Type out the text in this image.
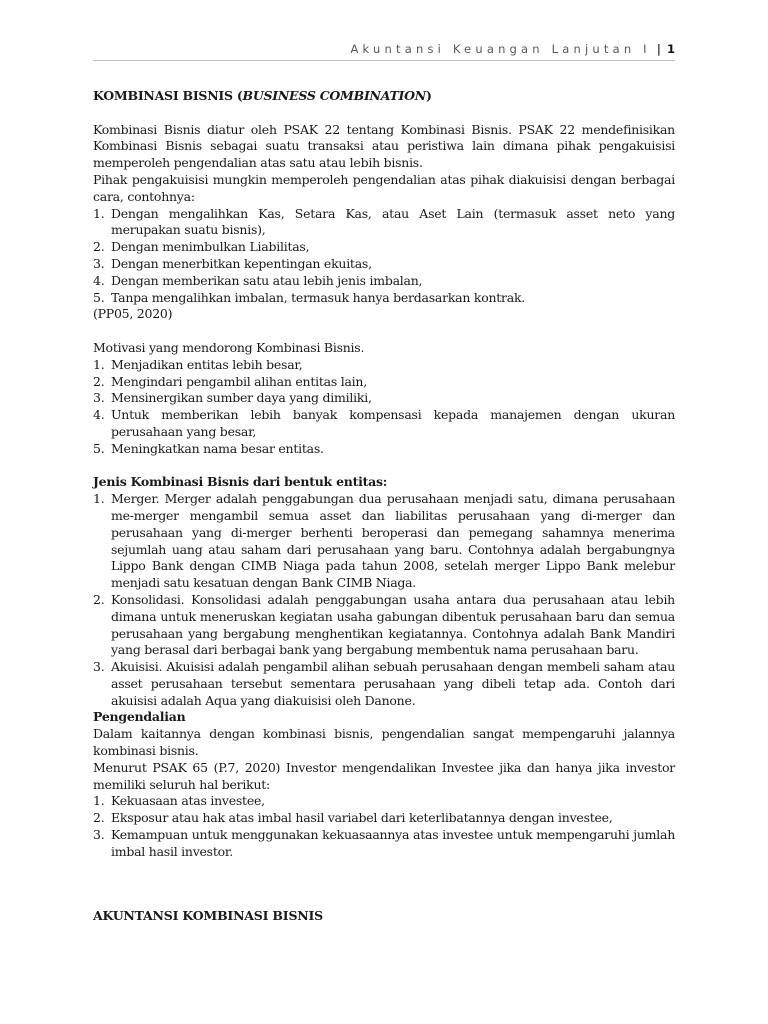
Akuntansi Keuangan Lanjutan I | 1

KOMBINASI BISNIS (BUSINESS COMBINATION)

Kombinasi Bisnis diatur oleh PSAK 22 tentang Kombinasi Bisnis. PSAK 22 mendefinisikan Kombinasi Bisnis sebagai suatu transaksi atau peristiwa lain dimana pihak pengakuisisi memperoleh pengendalian atas satu atau lebih bisnis.

Pihak pengakuisisi mungkin memperoleh pengendalian atas pihak diakuisisi dengan berbagai cara, contohnya:

1. Dengan mengalihkan Kas, Setara Kas, atau Aset Lain (termasuk asset neto yang merupakan suatu bisnis),
2. Dengan menimbulkan Liabilitas,
3. Dengan menerbitkan kepentingan ekuitas,
4. Dengan memberikan satu atau lebih jenis imbalan,
5. Tanpa mengalihkan imbalan, termasuk hanya berdasarkan kontrak.

(PP05, 2020)

Motivasi yang mendorong Kombinasi Bisnis.

1. Menjadikan entitas lebih besar,
2. Mengindari pengambil alihan entitas lain,
3. Mensinergikan sumber daya yang dimiliki,
4. Untuk memberikan lebih banyak kompensasi kepada manajemen dengan ukuran perusahaan yang besar,
5. Meningkatkan nama besar entitas.

Jenis Kombinasi Bisnis dari bentuk entitas:

1. Merger. Merger adalah penggabungan dua perusahaan menjadi satu, dimana perusahaan me-merger mengambil semua asset dan liabilitas perusahaan yang di-merger dan perusahaan yang di-merger berhenti beroperasi dan pemegang sahamnya menerima sejumlah uang atau saham dari perusahaan yang baru. Contohnya adalah bergabungnya Lippo Bank dengan CIMB Niaga pada tahun 2008, setelah merger Lippo Bank melebur menjadi satu kesatuan dengan Bank CIMB Niaga.
2. Konsolidasi. Konsolidasi adalah penggabungan usaha antara dua perusahaan atau lebih dimana untuk meneruskan kegiatan usaha gabungan dibentuk perusahaan baru dan semua perusahaan yang bergabung menghentikan kegiatannya. Contohnya adalah Bank Mandiri yang berasal dari berbagai bank yang bergabung membentuk nama perusahaan baru.
3. Akuisisi. Akuisisi adalah pengambil alihan sebuah perusahaan dengan membeli saham atau asset perusahaan tersebut sementara perusahaan yang dibeli tetap ada. Contoh dari akuisisi adalah Aqua yang diakuisisi oleh Danone.

Pengendalian

Dalam kaitannya dengan kombinasi bisnis, pengendalian sangat mempengaruhi jalannya kombinasi bisnis.

Menurut PSAK 65 (P.7, 2020) Investor mengendalikan Investee jika dan hanya jika investor memiliki seluruh hal berikut:

1. Kekuasaan atas investee,
2. Eksposur atau hak atas imbal hasil variabel dari keterlibatannya dengan investee,
3. Kemampuan untuk menggunakan kekuasaannya atas investee untuk mempengaruhi jumlah imbal hasil investor.
AKUNTANSI KOMBINASI BISNIS
